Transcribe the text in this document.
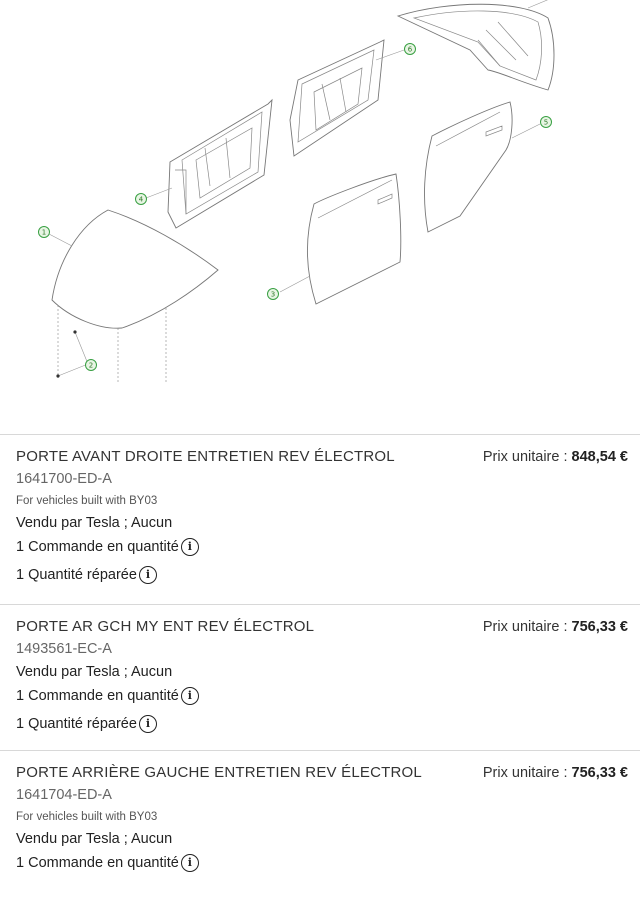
1
2
3
4
5
6
PORTE AVANT DROITE ENTRETIEN REV ÉLECTROL	Prix unitaire : 848,54 €
1641700-ED-A
For vehicles built with BY03
Vendu par Tesla ; Aucun
1 Commande en quantité i
1 Quantité réparée i
PORTE AR GCH MY ENT REV ÉLECTROL	Prix unitaire : 756,33 €
1493561-EC-A
Vendu par Tesla ; Aucun
1 Commande en quantité i
1 Quantité réparée i
PORTE ARRIÈRE GAUCHE ENTRETIEN REV ÉLECTROL	Prix unitaire : 756,33 €
1641704-ED-A
For vehicles built with BY03
Vendu par Tesla ; Aucun
1 Commande en quantité i
